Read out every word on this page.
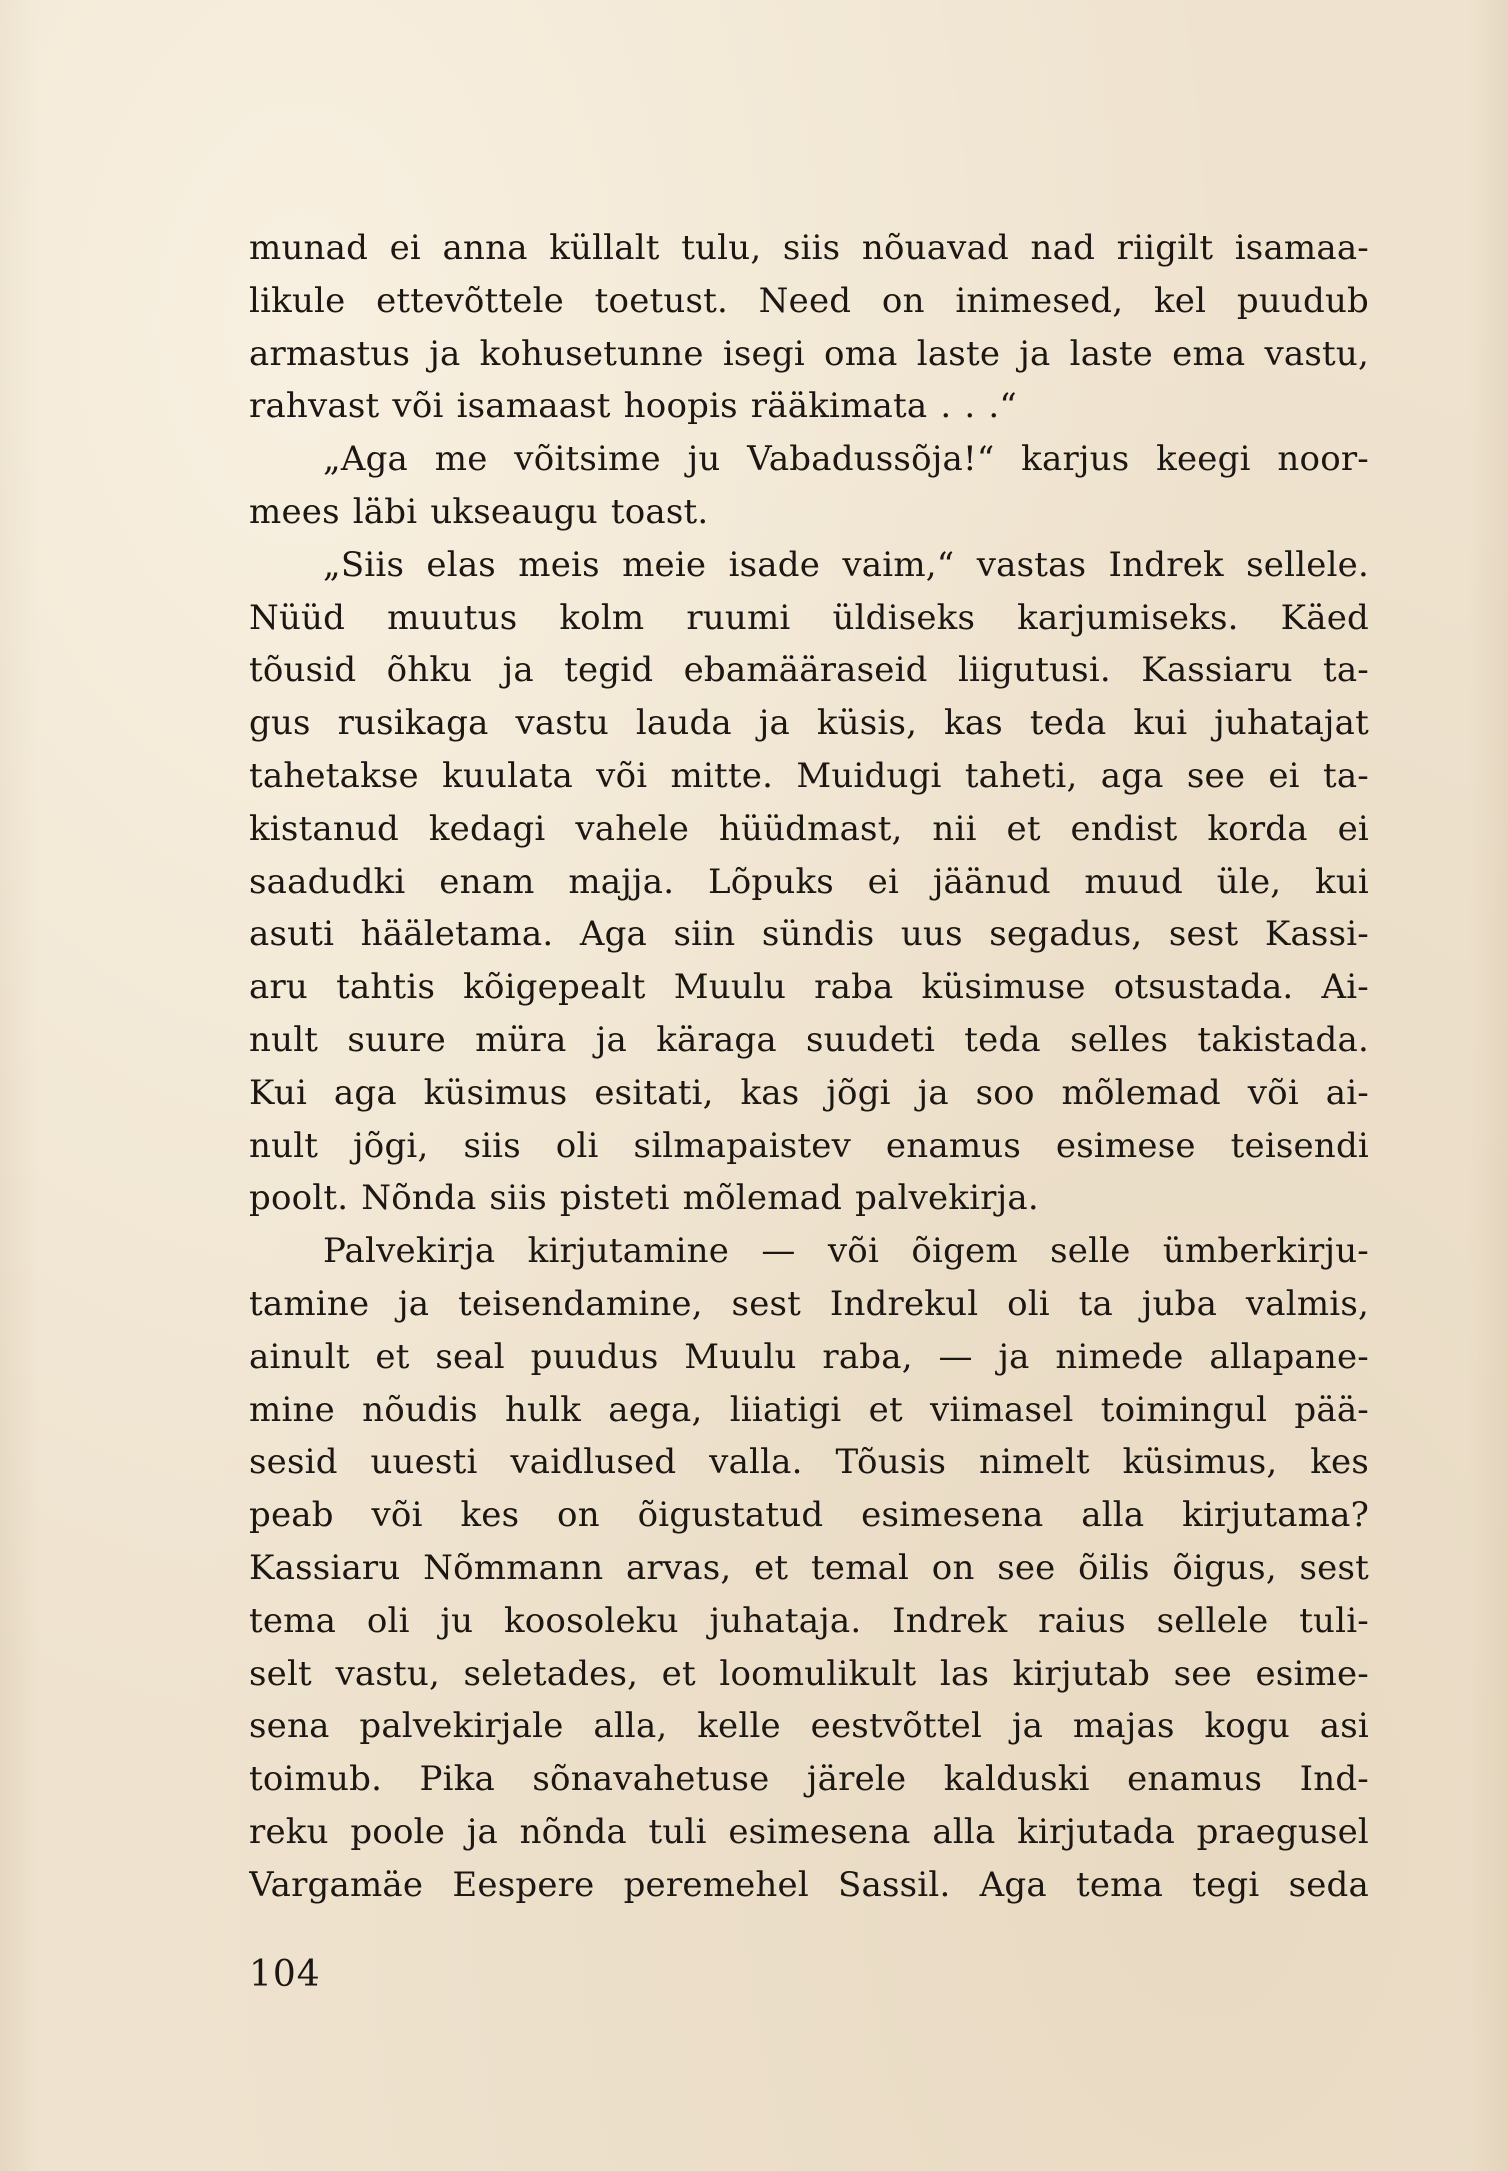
munad ei anna küllalt tulu, siis nõuavad nad riigilt isamaa-
likule ettevõttele toetust. Need on inimesed, kel puudub
armastus ja kohusetunne isegi oma laste ja laste ema vastu,
rahvast või isamaast hoopis rääkimata . . .“
„Aga me võitsime ju Vabadussõja!“ karjus keegi noor-
mees läbi ukseaugu toast.
„Siis elas meis meie isade vaim,“ vastas Indrek sellele.
Nüüd muutus kolm ruumi üldiseks karjumiseks. Käed
tõusid õhku ja tegid ebamääraseid liigutusi. Kassiaru ta-
gus rusikaga vastu lauda ja küsis, kas teda kui juhatajat
tahetakse kuulata või mitte. Muidugi taheti, aga see ei ta-
kistanud kedagi vahele hüüdmast, nii et endist korda ei
saadudki enam majja. Lõpuks ei jäänud muud üle, kui
asuti hääletama. Aga siin sündis uus segadus, sest Kassi-
aru tahtis kõigepealt Muulu raba küsimuse otsustada. Ai-
nult suure müra ja käraga suudeti teda selles takistada.
Kui aga küsimus esitati, kas jõgi ja soo mõlemad või ai-
nult jõgi, siis oli silmapaistev enamus esimese teisendi
poolt. Nõnda siis pisteti mõlemad palvekirja.
Palvekirja kirjutamine — või õigem selle ümberkirju-
tamine ja teisendamine, sest Indrekul oli ta juba valmis,
ainult et seal puudus Muulu raba, — ja nimede allapane-
mine nõudis hulk aega, liiatigi et viimasel toimingul pää-
sesid uuesti vaidlused valla. Tõusis nimelt küsimus, kes
peab või kes on õigustatud esimesena alla kirjutama?
Kassiaru Nõmmann arvas, et temal on see õilis õigus, sest
tema oli ju koosoleku juhataja. Indrek raius sellele tuli-
selt vastu, seletades, et loomulikult las kirjutab see esime-
sena palvekirjale alla, kelle eestvõttel ja majas kogu asi
toimub. Pika sõnavahetuse järele kalduski enamus Ind-
reku poole ja nõnda tuli esimesena alla kirjutada praegusel
Vargamäe Eespere peremehel Sassil. Aga tema tegi seda
104
